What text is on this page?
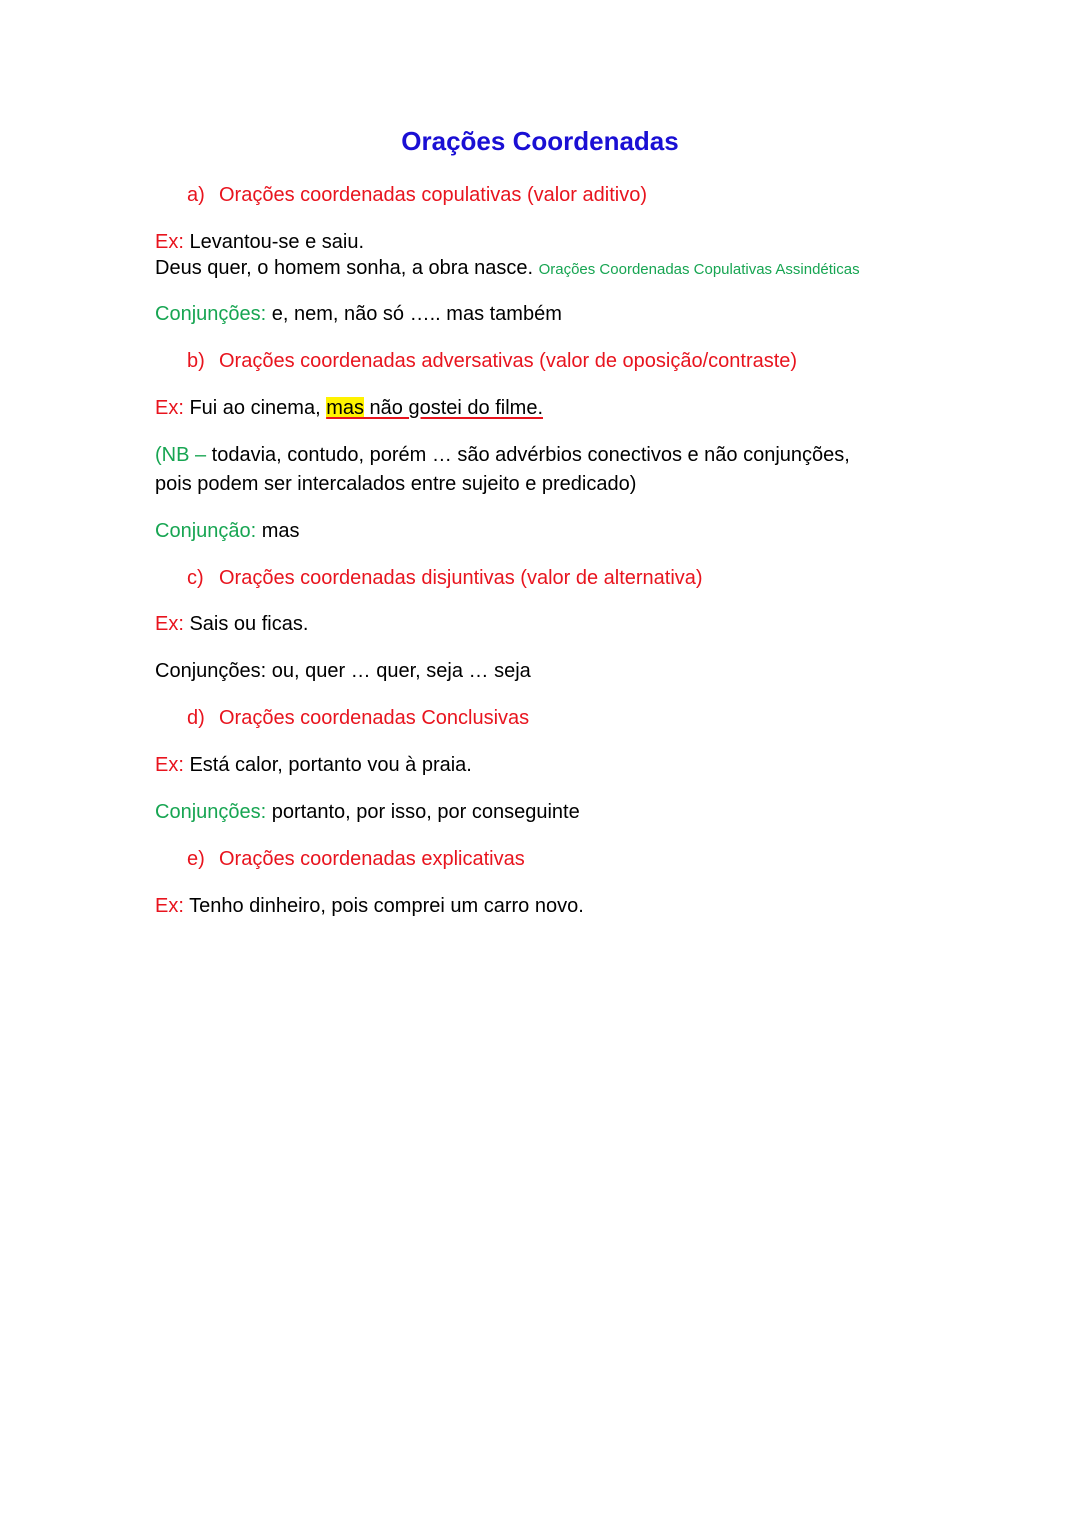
Orações Coordenadas
a) Orações coordenadas copulativas (valor aditivo)
Ex: Levantou-se e saiu.
Deus quer, o homem sonha, a obra nasce. Orações Coordenadas Copulativas Assindéticas
Conjunções: e, nem, não só ….. mas também
b) Orações coordenadas adversativas (valor de oposição/contraste)
Ex: Fui ao cinema, mas não gostei do filme.
(NB – todavia, contudo, porém … são advérbios conectivos e não conjunções,
pois podem ser intercalados entre sujeito e predicado)
Conjunção: mas
c) Orações coordenadas disjuntivas (valor de alternativa)
Ex: Sais ou ficas.
Conjunções: ou, quer … quer, seja … seja
d) Orações coordenadas Conclusivas
Ex: Está calor, portanto vou à praia.
Conjunções: portanto, por isso, por conseguinte
e) Orações coordenadas explicativas
Ex: Tenho dinheiro, pois comprei um carro novo.
